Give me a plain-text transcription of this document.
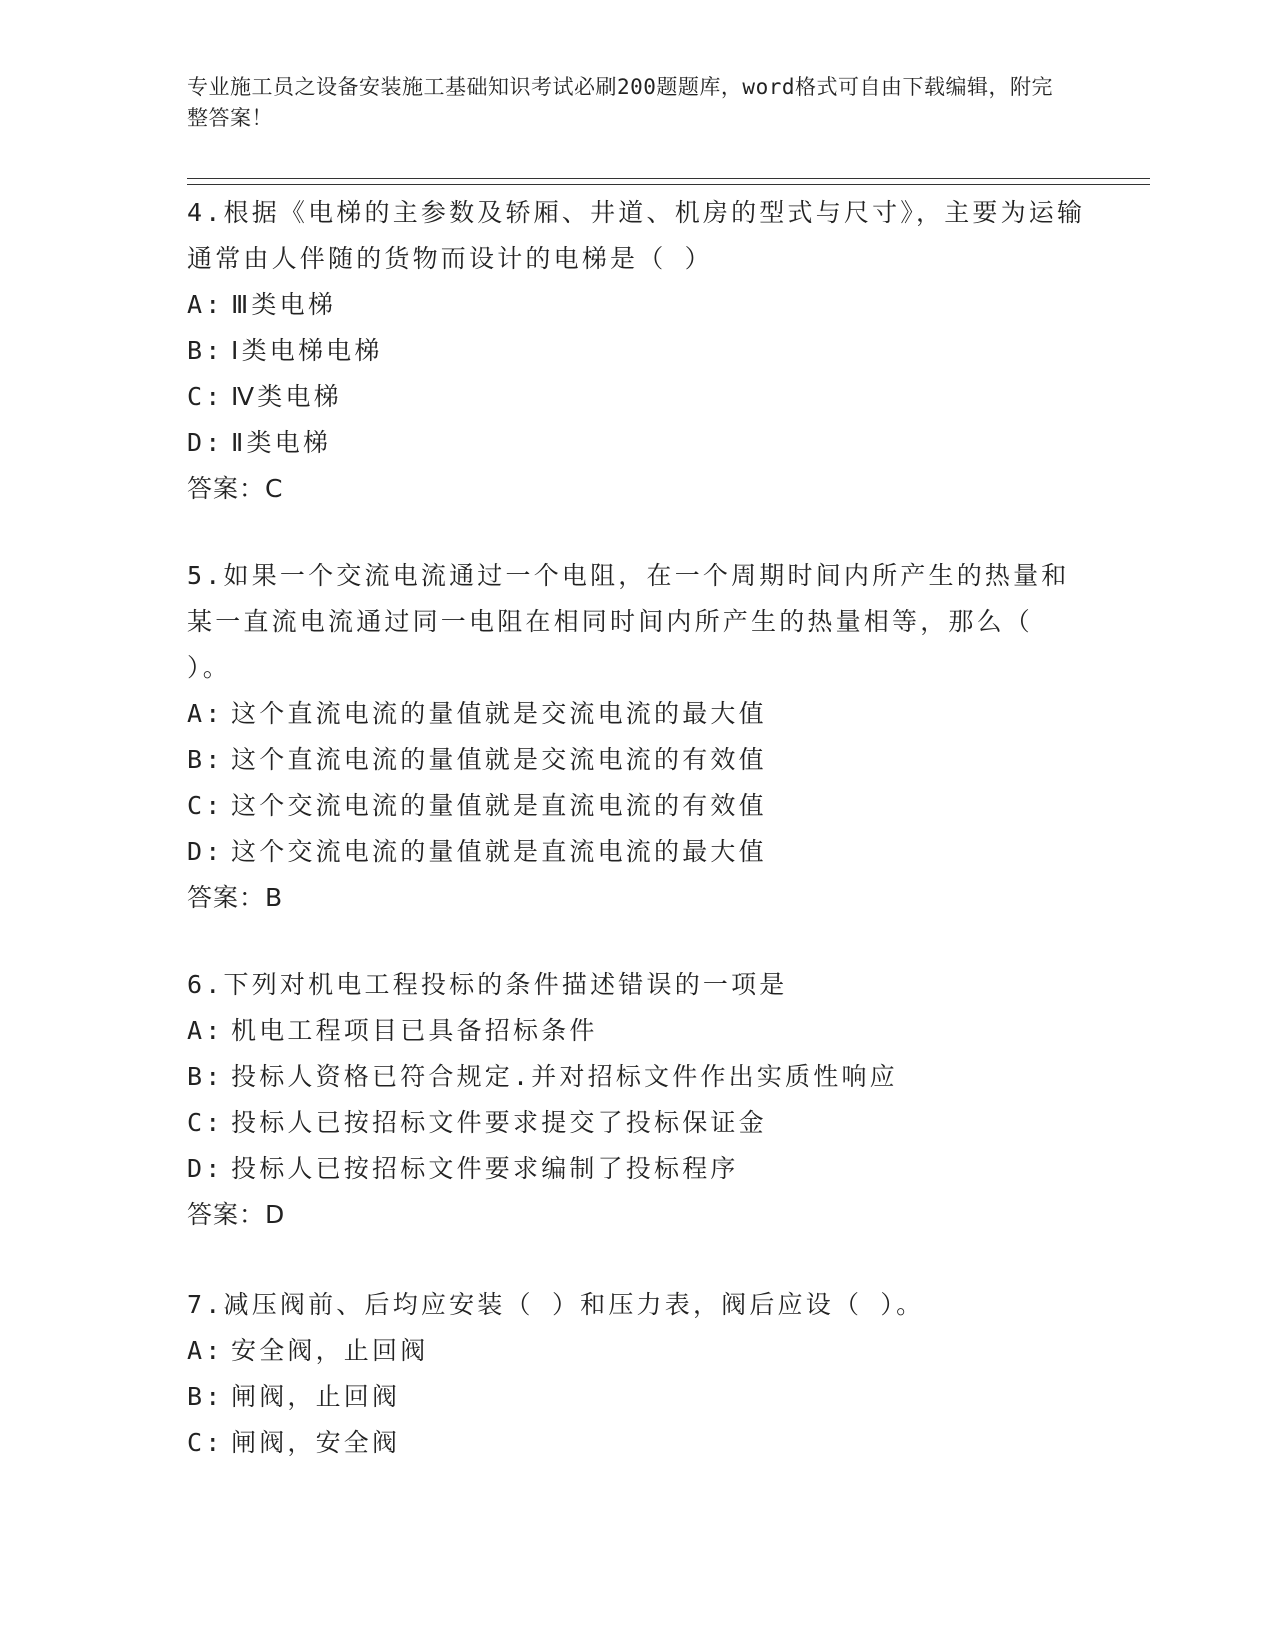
专业施工员之设备安装施工基础知识考试必刷200题题库，word格式可自由下载编辑，附完整答案！

4.根据《电梯的主参数及轿厢、井道、机房的型式与尺寸》，主要为运输通常由人伴随的货物而设计的电梯是（ ）

A: Ⅲ类电梯
B: Ⅰ类电梯电梯
C: Ⅳ类电梯
D: Ⅱ类电梯
答案：C

5.如果一个交流电流通过一个电阻，在一个周期时间内所产生的热量和某一直流电流通过同一电阻在相同时间内所产生的热量相等，那么（ ）。

A: 这个直流电流的量值就是交流电流的最大值
B: 这个直流电流的量值就是交流电流的有效值
C: 这个交流电流的量值就是直流电流的有效值
D: 这个交流电流的量值就是直流电流的最大值
答案：B

6.下列对机电工程投标的条件描述错误的一项是

A: 机电工程项目已具备招标条件
B: 投标人资格已符合规定.并对招标文件作出实质性响应
C: 投标人已按招标文件要求提交了投标保证金
D: 投标人已按招标文件要求编制了投标程序
答案：D

7.减压阀前、后均应安装（ ）和压力表，阀后应设（ ）。

A: 安全阀，止回阀
B: 闸阀，止回阀
C: 闸阀，安全阀
